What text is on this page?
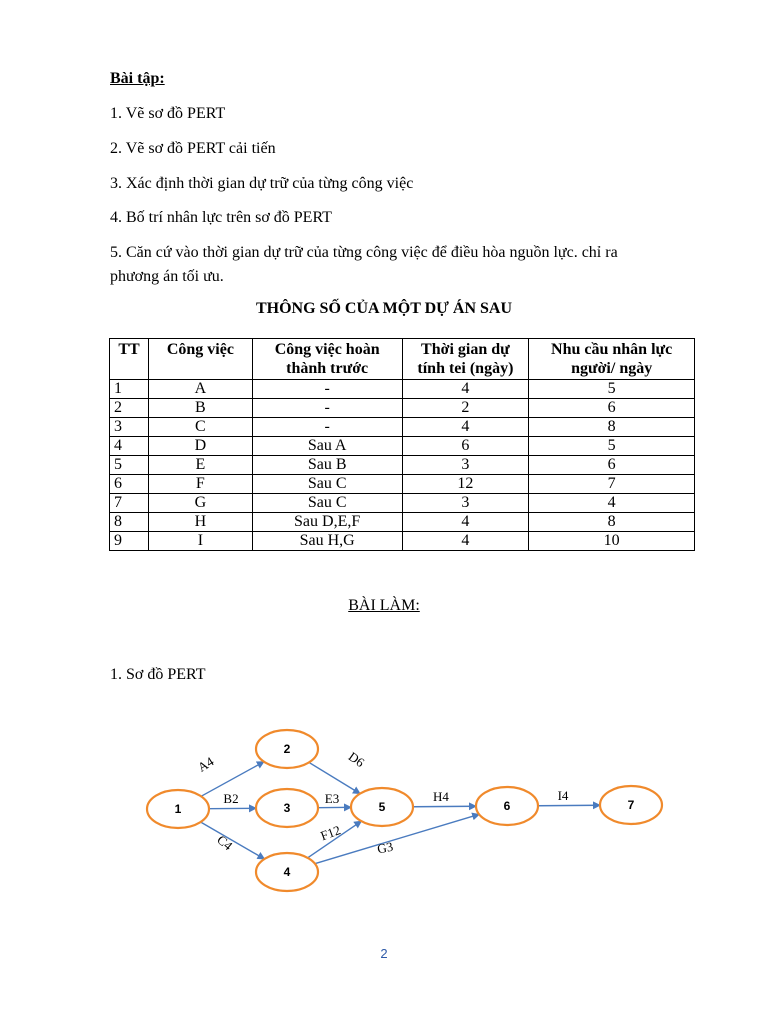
Bài tập:

1. Vẽ sơ đồ PERT

2. Vẽ sơ đồ PERT cải tiến

3. Xác định thời gian dự trữ của từng công việc

4. Bố trí nhân lực trên sơ đồ PERT

5. Căn cứ vào thời gian dự trữ của từng công việc để điều hòa nguồn lực. chỉ ra

phương án tối ưu.

THÔNG SỐ CỦA MỘT DỰ ÁN SAU
TT	Công việc	Công việc hoàn thành trước	Thời gian dự tính tei (ngày)	Nhu cầu nhân lực người/ ngày
1	A	-	4	5
2	B	-	2	6
3	C	-	4	8
4	D	Sau A	6	5
5	E	Sau B	3	6
6	F	Sau C	12	7
7	G	Sau C	3	4
8	H	Sau D,E,F	4	8
9	I	Sau H,G	4	10
BÀI LÀM:

1. Sơ đồ PERT

A4
B2
C4
D6
E3
F12
G3
H4	I4
1
2
3
4
5	6	7
2
